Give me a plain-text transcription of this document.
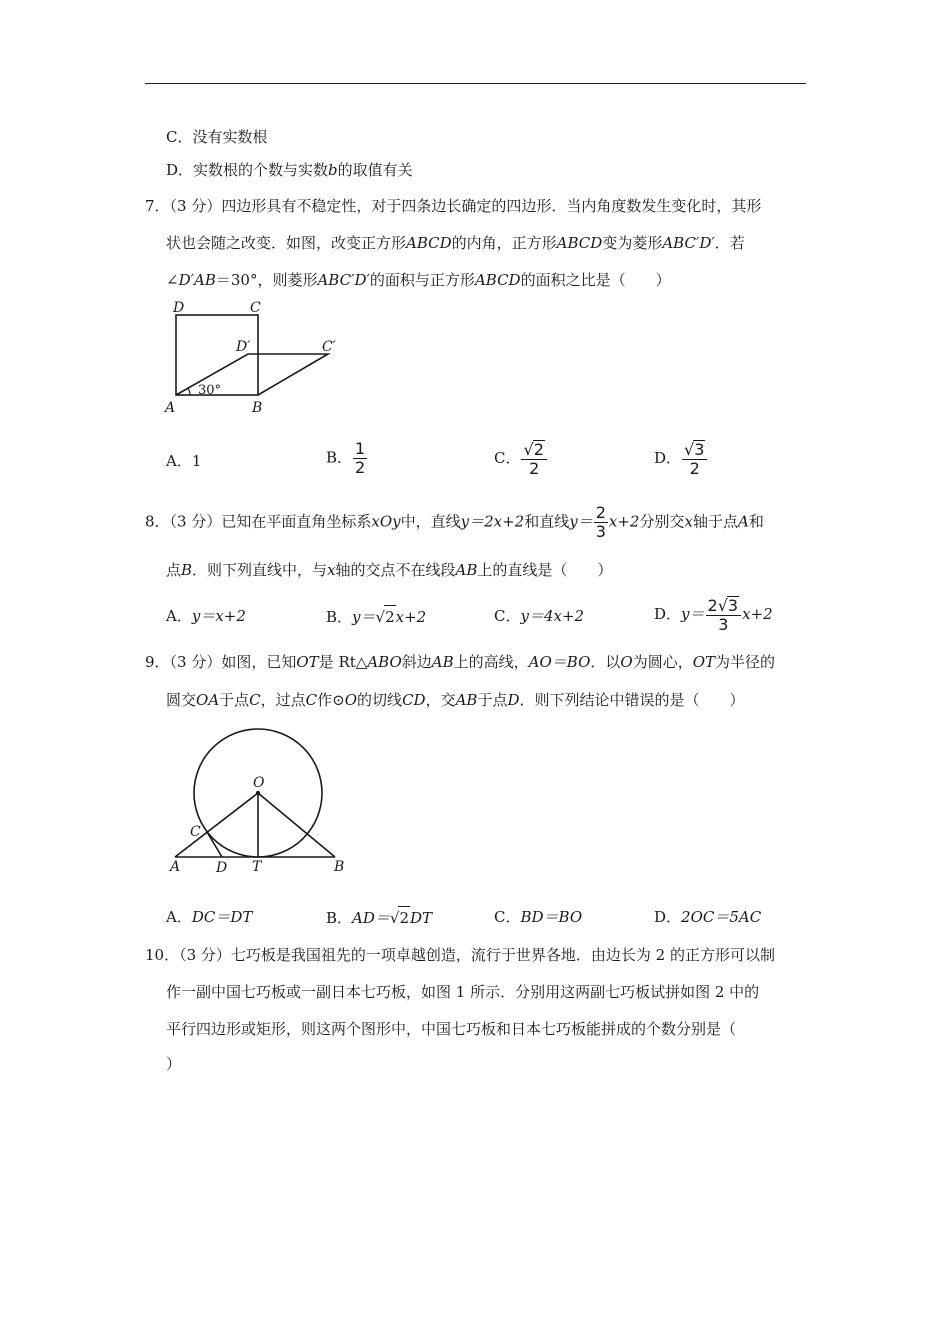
C．没有实数根
D．实数根的个数与实数b的取值有关
7．（3 分）四边形具有不稳定性，对于四条边长确定的四边形．当内角度数发生变化时，其形
状也会随之改变．如图，改变正方形ABCD的内角，正方形ABCD变为菱形ABC′D′．若
∠D′AB＝30°，则菱形ABC′D′的面积与正方形ABCD的面积之比是（　　）
D	C
D′	C′
A	B
30°
A．1	B． $\frac{1}{2}$	C． $\frac{√2}{2}$	D． $\frac{√3}{2}$
8．（3 分）已知在平面直角坐标系xOy中，直线y＝2x+2和直线$y= \frac{2}{3} x+2$分别交x轴于点A和
点B．则下列直线中，与x轴的交点不在线段AB上的直线是（　　）
A．y＝x+2	B．y＝√2x+2	C．y＝4x+2	D．$y= \frac{2√3}{3} x+2$
9．（3 分）如图，已知OT是 Rt△ABO斜边AB上的高线，AO＝BO．以O为圆心，OT为半径的
圆交OA于点C，过点C作⊙O的切线CD，交AB于点D．则下列结论中错误的是（　　）
O
C
A	D T	B
A．DC＝DT	B．AD＝√2DT	C．BD＝BO	D．2OC＝5AC
10．（3 分）七巧板是我国祖先的一项卓越创造，流行于世界各地．由边长为 2 的正方形可以制
作一副中国七巧板或一副日本七巧板，如图 1 所示．分别用这两副七巧板试拼如图 2 中的
平行四边形或矩形，则这两个图形中，中国七巧板和日本七巧板能拼成的个数分别是（
）
